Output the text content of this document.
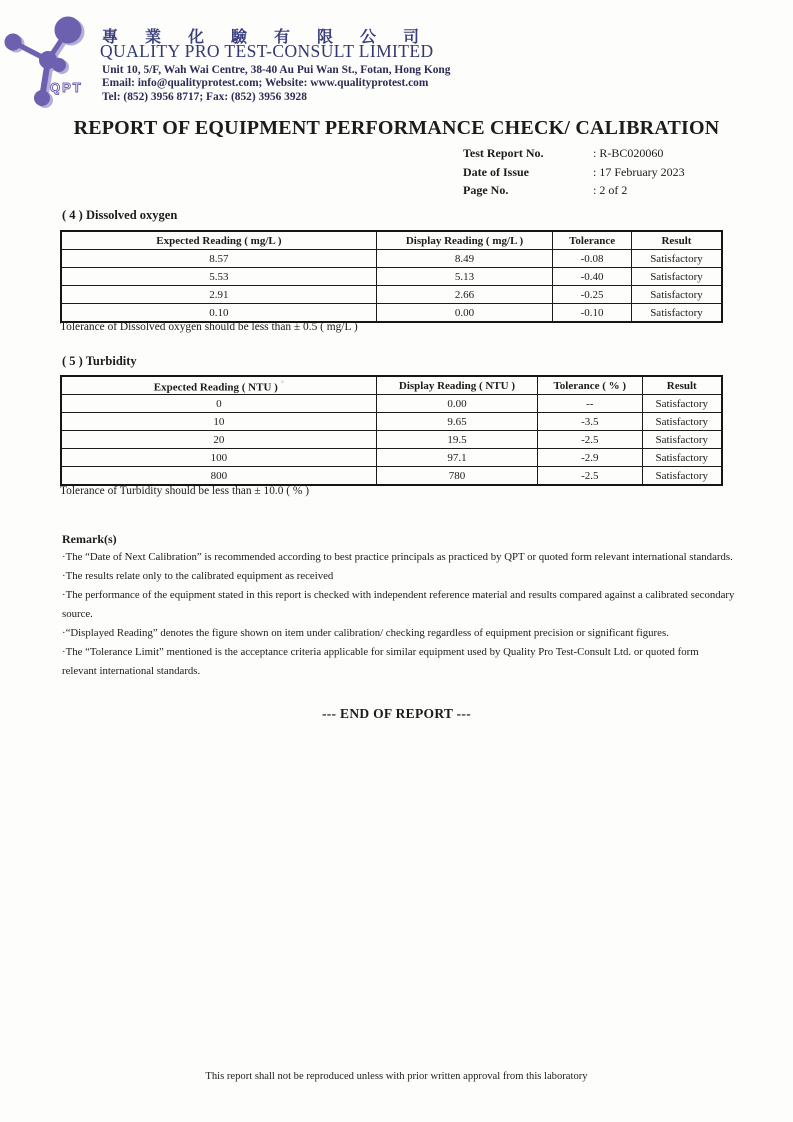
QPT
專 業 化 驗 有 限 公 司
QUALITY PRO TEST-CONSULT LIMITED
Unit 10, 5/F, Wah Wai Centre, 38-40 Au Pui Wan St., Fotan, Hong Kong
Email: info@qualityprotest.com; Website: www.qualityprotest.com
Tel: (852) 3956 8717; Fax: (852) 3956 3928
REPORT OF EQUIPMENT PERFORMANCE CHECK/ CALIBRATION
Test Report No.	: R-BC020060
Date of Issue	: 17 February 2023
Page No.	: 2 of 2
( 4 ) Dissolved oxygen
Expected Reading ( mg/L )	Display Reading ( mg/L )	Tolerance	Result
8.57	8.49	-0.08	Satisfactory
5.53	5.13	-0.40	Satisfactory
2.91	2.66	-0.25	Satisfactory
0.10	0.00	-0.10	Satisfactory
Tolerance of Dissolved oxygen should be less than ± 0.5 ( mg/L )
( 5 ) Turbidity
Expected Reading ( NTU ) °	Display Reading ( NTU )	Tolerance ( % )	Result
0	0.00	--	Satisfactory
10	9.65	-3.5	Satisfactory
20	19.5	-2.5	Satisfactory
100	97.1	-2.9	Satisfactory
800	780	-2.5	Satisfactory
Tolerance of Turbidity should be less than ± 10.0 ( % )
Remark(s)
·The “Date of Next Calibration” is recommended according to best practice principals as practiced by QPT or quoted form relevant international standards.
·The results relate only to the calibrated equipment as received
·The performance of the equipment stated in this report is checked with independent reference material and results compared against a calibrated secondary
source.
·“Displayed Reading” denotes the figure shown on item under calibration/ checking regardless of equipment precision or significant figures.
·The “Tolerance Limit” mentioned is the acceptance criteria applicable for similar equipment used by Quality Pro Test-Consult Ltd. or quoted form
relevant international standards.
--- END OF REPORT ---
This report shall not be reproduced unless with prior written approval from this laboratory
